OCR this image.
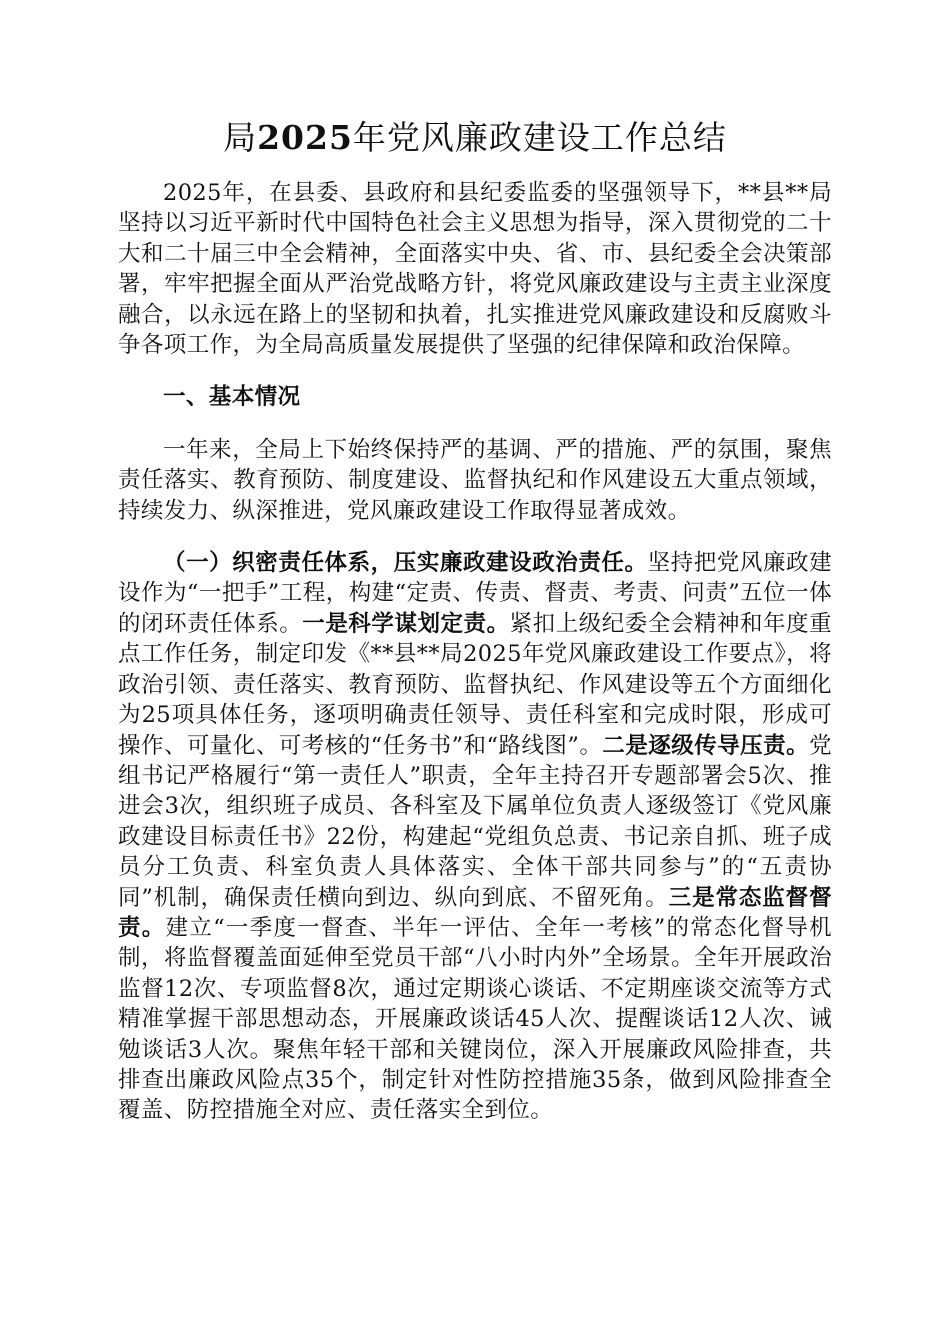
局2025年党风廉政建设工作总结

2025年，在县委、县政府和县纪委监委的坚强领导下，**县**局坚持以习近平新时代中国特色社会主义思想为指导，深入贯彻党的二十大和二十届三中全会精神，全面落实中央、省、市、县纪委全会决策部署，牢牢把握全面从严治党战略方针，将党风廉政建设与主责主业深度融合，以永远在路上的坚韧和执着，扎实推进党风廉政建设和反腐败斗争各项工作，为全局高质量发展提供了坚强的纪律保障和政治保障。

一、基本情况

一年来，全局上下始终保持严的基调、严的措施、严的氛围，聚焦责任落实、教育预防、制度建设、监督执纪和作风建设五大重点领域，持续发力、纵深推进，党风廉政建设工作取得显著成效。

（一）织密责任体系，压实廉政建设政治责任。坚持把党风廉政建设作为“一把手”工程，构建“定责、传责、督责、考责、问责”五位一体的闭环责任体系。一是科学谋划定责。紧扣上级纪委全会精神和年度重点工作任务，制定印发《**县**局2025年党风廉政建设工作要点》，将政治引领、责任落实、教育预防、监督执纪、作风建设等五个方面细化为25项具体任务，逐项明确责任领导、责任科室和完成时限，形成可操作、可量化、可考核的“任务书”和“路线图”。二是逐级传导压责。党组书记严格履行“第一责任人”职责，全年主持召开专题部署会5次、推进会3次，组织班子成员、各科室及下属单位负责人逐级签订《党风廉政建设目标责任书》22份，构建起“党组负总责、书记亲自抓、班子成员分工负责、科室负责人具体落实、全体干部共同参与”的“五责协同”机制，确保责任横向到边、纵向到底、不留死角。三是常态监督督责。建立“一季度一督查、半年一评估、全年一考核”的常态化督导机制，将监督覆盖面延伸至党员干部“八小时内外”全场景。全年开展政治监督12次、专项监督8次，通过定期谈心谈话、不定期座谈交流等方式精准掌握干部思想动态，开展廉政谈话45人次、提醒谈话12人次、诫勉谈话3人次。聚焦年轻干部和关键岗位，深入开展廉政风险排查，共排查出廉政风险点35个，制定针对性防控措施35条，做到风险排查全覆盖、防控措施全对应、责任落实全到位。
